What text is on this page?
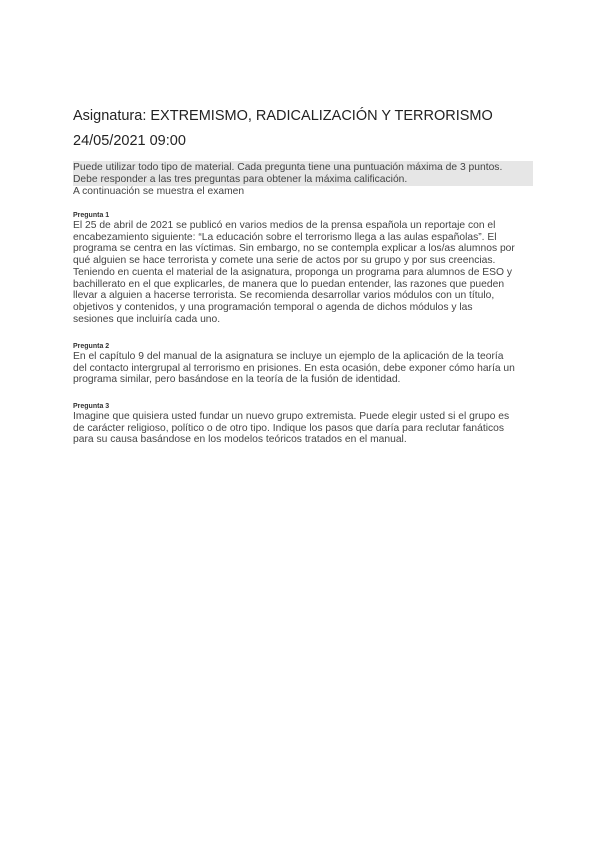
Asignatura: EXTREMISMO, RADICALIZACIÓN Y TERRORISMO
24/05/2021 09:00
Puede utilizar todo tipo de material. Cada pregunta tiene una puntuación máxima de 3 puntos.
Debe responder a las tres preguntas para obtener la máxima calificación.
A continuación se muestra el examen
Pregunta 1
El 25 de abril de 2021 se publicó en varios medios de la prensa española un reportaje con el
encabezamiento siguiente: “La educación sobre el terrorismo llega a las aulas españolas”. El
programa se centra en las víctimas. Sin embargo, no se contempla explicar a los/as alumnos por
qué alguien se hace terrorista y comete una serie de actos por su grupo y por sus creencias.
Teniendo en cuenta el material de la asignatura, proponga un programa para alumnos de ESO y
bachillerato en el que explicarles, de manera que lo puedan entender, las razones que pueden
llevar a alguien a hacerse terrorista. Se recomienda desarrollar varios módulos con un título,
objetivos y contenidos, y una programación temporal o agenda de dichos módulos y las
sesiones que incluiría cada uno.
Pregunta 2
En el capítulo 9 del manual de la asignatura se incluye un ejemplo de la aplicación de la teoría
del contacto intergrupal al terrorismo en prisiones. En esta ocasión, debe exponer cómo haría un
programa similar, pero basándose en la teoría de la fusión de identidad.
Pregunta 3
Imagine que quisiera usted fundar un nuevo grupo extremista. Puede elegir usted si el grupo es
de carácter religioso, político o de otro tipo. Indique los pasos que daría para reclutar fanáticos
para su causa basándose en los modelos teóricos tratados en el manual.
